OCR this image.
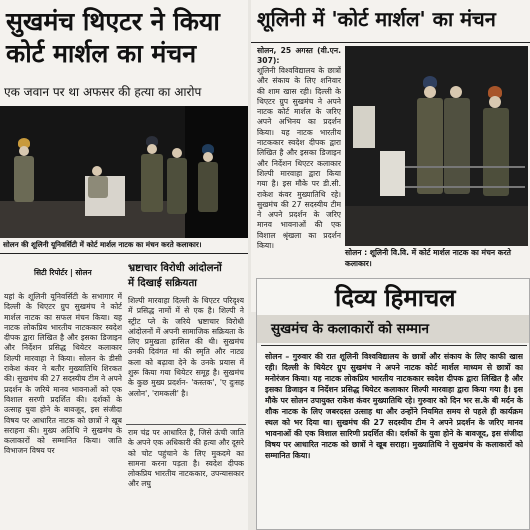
सुखमंच थिएटर ने किया
कोर्ट मार्शल का मंचन
एक जवान पर था अफसर की हत्या का आरोप
सोलन की शूलिनी यूनिवर्सिटी में कोर्ट मार्शल नाटक का मंचन करते कलाकार।
सिटी रिपोर्टर | सोलन
यहां के शूलिनी यूनिवर्सिटी के सभागार में दिल्ली के थिएटर ग्रुप सुखमंच ने कोर्ट मार्शल नाटक का सफल मंचन किया। यह नाटक लोकप्रिय भारतीय नाटककार स्वदेश दीपक द्वारा लिखित है और इसका डिजाइन और निर्देशन प्रसिद्ध थियेटर कलाकार शिल्पी मारवाहा ने किया। सोलन के डीसी राकेश कंवर ने बतौर मुख्यातिथि शिरकत की। सुखमंच की 27 सदस्यीय टीम ने अपने प्रदर्शन के जरिये मानव भावनाओं को एक विशाल सरणी प्रदर्शित की। दर्शकों के उत्साह युवा होने के बावजूद, इस संजीदा विषय पर आधारित नाटक को छात्रों ने खूब सराहना की। मुख्य अतिथि ने सुखमंच के कलाकारों को सम्मानित किया। जाति विभाजन विषय पर
भ्रष्टाचार विरोधी आंदोलनों
में दिखाई सक्रियता
शिल्पी मारवाहा दिल्ली के थिएटर परिदृश्य में प्रसिद्ध नामों में से एक है। शिल्पी ने स्ट्रीट प्ले के जरिये भ्रष्टाचार विरोधी आंदोलनों में अपनी सामाजिक सक्रियता के लिए प्रमुखता हासिल की थी। सुखमंच उनकी दिवंगत मां की स्मृति और नाट्य कला को बढ़ावा देने के उनके प्रयास में शुरू किया गया थियेटर समूह है। सुखमंच के कुछ मुख्य प्रदर्शन- 'कस्तक', 'ए दुःसह अलोन', 'रामकली' है।
राम चंद्र पर आधारित है, जिसे ऊंची जाति के अपने एक अधिकारी की हत्या और दूसरे को चोट पहुंचाने के लिए मुकदमे का सामना करना पड़ता है। स्वदेश दीपक लोकप्रिय भारतीय नाटककार, उपन्यासकार और लघु
शूलिनी में 'कोर्ट मार्शल' का मंचन
सोलन, 25 अगस्त (वी.एन. 307):
शूलिनी विश्वविद्यालय के छात्रों और संकाय के लिए शनिवार की शाम खास रही। दिल्ली के थिएटर ग्रुप सुखमंच ने अपने नाटक कोर्ट मार्शल के जरिए अपने अभिनय का प्रदर्शन किया। यह नाटक भारतीय नाटककार स्वदेश दीपक द्वारा लिखित है और इसका डिजाइन और निर्देशन थिएटर कलाकार शिल्पी मारवाहा द्वारा किया गया है। इस मौके पर डी.सी. राकेश कंवर मुख्यातिथि रहे। सुखमंच की 27 सदस्यीय टीम ने अपने प्रदर्शन के जरिए मानव भावनाओं की एक विशाल श्रृंखला का प्रदर्शन किया।
सोलन : शूलिनी वि.वि. में कोर्ट मार्शल नाटक का मंचन करते कलाकार।
दिव्य हिमाचल
सुखमंच के कलाकारों को सम्मान
सोलन – गुरुवार की रात शूलिनी विश्वविद्यालय के छात्रों और संकाय के लिए काफी खास रही। दिल्ली के थियेटर ग्रुप सुखमंच ने अपने नाटक कोर्ट मार्शल माध्यम से छात्रों का मनोरंजन किया। यह नाटक लोकप्रिय भारतीय नाटककार स्वदेश दीपक द्वारा लिखित है और इसका डिजाइन व निर्देशन प्रसिद्ध थियेटर कलाकार शिल्पी मारवाहा द्वारा किया गया है। इस मौके पर सोलन उपायुक्त राकेश कंवर मुख्यातिथि रहे। गुरुवार को दिन भर स.के बी मर्दन के शौक नाटक के लिए जबरदस्त उत्साह था और उन्होंने नियमित समय से पहले ही कार्यक्रम स्थल को भर दिया था। सुखमंच की 27 सदस्यीय टीम ने अपने प्रदर्शन के जरिए मानव भावनाओं की एक विशाल सारिणी प्रदर्शित की। दर्शकों के युवा होने के बावजूद, इस संजीदा विषय पर आधारित नाटक को छात्रों ने खूब सराहा। मुख्यातिथि ने सुखमंच के कलाकारों को सम्मानित किया।
